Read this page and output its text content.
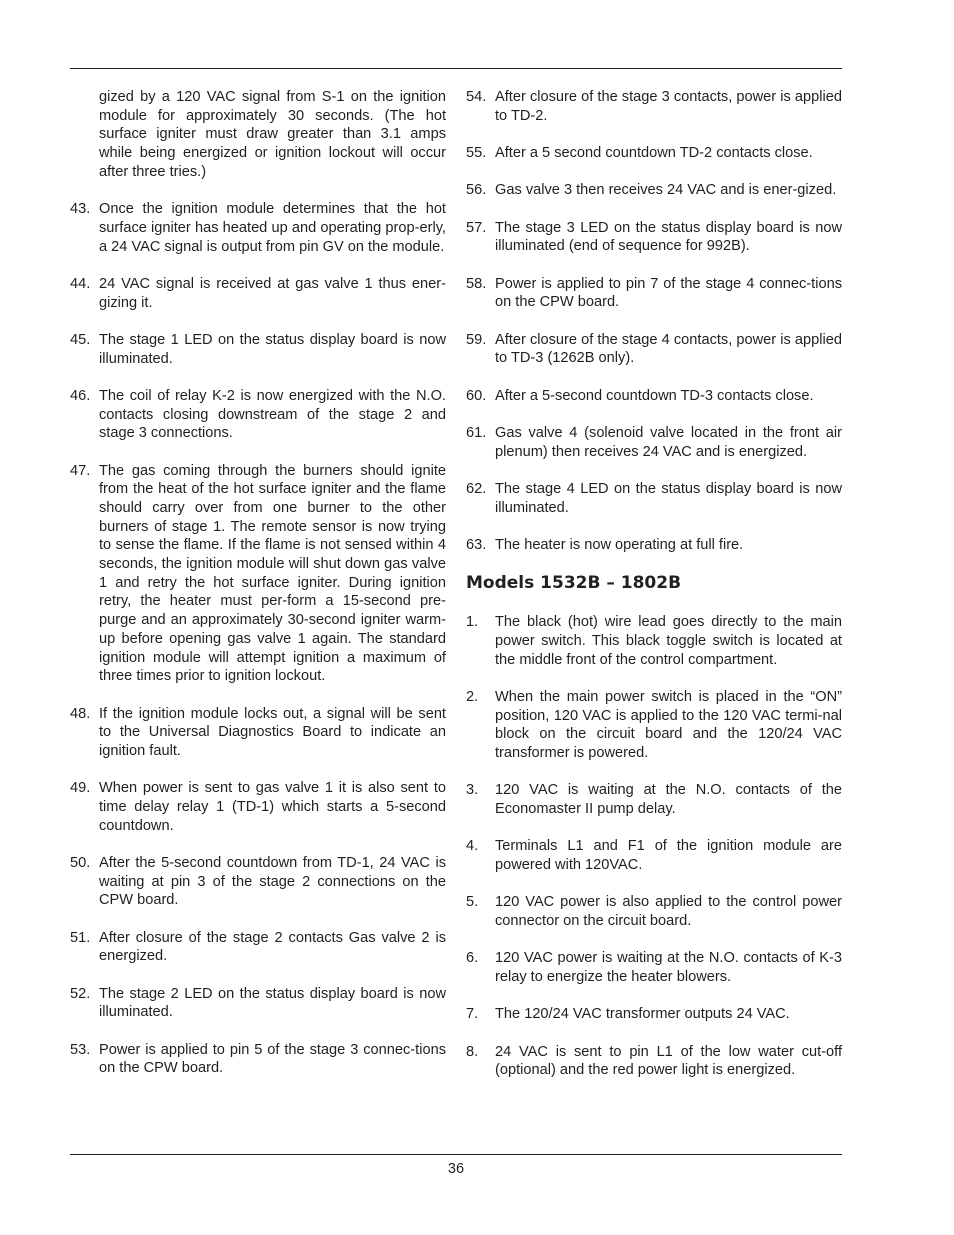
gized by a 120 VAC signal from S-1 on the ignition module for approximately 30 seconds. (The hot surface igniter must draw greater than 3.1 amps while being energized or ignition lockout will occur after three tries.)
43. Once the ignition module determines that the hot surface igniter has heated up and operating prop-erly, a 24 VAC signal is output from pin GV on the module.
44. 24 VAC signal is received at gas valve 1 thus ener-gizing it.
45. The stage 1 LED on the status display board is now illuminated.
46. The coil of relay K-2 is now energized with the N.O. contacts closing downstream of the stage 2 and stage 3 connections.
47. The gas coming through the burners should ignite from the heat of the hot surface igniter and the flame should carry over from one burner to the other burners of stage 1. The remote sensor is now trying to sense the flame. If the flame is not sensed within 4 seconds, the ignition module will shut down gas valve 1 and retry the hot surface igniter. During ignition retry, the heater must per-form a 15-second pre-purge and an approximately 30-second igniter warm-up before opening gas valve 1 again. The standard ignition module will attempt ignition a maximum of three times prior to ignition lockout.
48. If the ignition module locks out, a signal will be sent to the Universal Diagnostics Board to indicate an ignition fault.
49. When power is sent to gas valve 1 it is also sent to time delay relay 1 (TD-1) which starts a 5-second countdown.
50. After the 5-second countdown from TD-1, 24 VAC is waiting at pin 3 of the stage 2 connections on the CPW board.
51. After closure of the stage 2 contacts Gas valve 2 is energized.
52. The stage 2 LED on the status display board is now illuminated.
53. Power is applied to pin 5 of the stage 3 connec-tions on the CPW board.
54. After closure of the stage 3 contacts, power is applied to TD-2.
55. After a 5 second countdown TD-2 contacts close.
56. Gas valve 3 then receives 24 VAC and is ener-gized.
57. The stage 3 LED on the status display board is now illuminated (end of sequence for 992B).
58. Power is applied to pin 7 of the stage 4 connec-tions on the CPW board.
59. After closure of the stage 4 contacts, power is applied to TD-3 (1262B only).
60. After a 5-second countdown TD-3 contacts close.
61. Gas valve 4 (solenoid valve located in the front air plenum) then receives 24 VAC and is energized.
62. The stage 4 LED on the status display board is now illuminated.
63. The heater is now operating at full fire.
Models 1532B – 1802B
1.	The black (hot) wire lead goes directly to the main power switch. This black toggle switch is located at the middle front of the control compartment.
2.	When the main power switch is placed in the “ON” position, 120 VAC is applied to the 120 VAC termi-nal block on the circuit board and the 120/24 VAC transformer is powered.
3.	120 VAC is waiting at the N.O. contacts of the Economaster II pump delay.
4.	Terminals L1 and F1 of the ignition module are powered with 120VAC.
5.	120 VAC power is also applied to the control power connector on the circuit board.
6.	120 VAC power is waiting at the N.O. contacts of K-3 relay to energize the heater blowers.
7.	The 120/24 VAC transformer outputs 24 VAC.
8.	24 VAC is sent to pin L1 of the low water cut-off (optional) and the red power light is energized.
36
